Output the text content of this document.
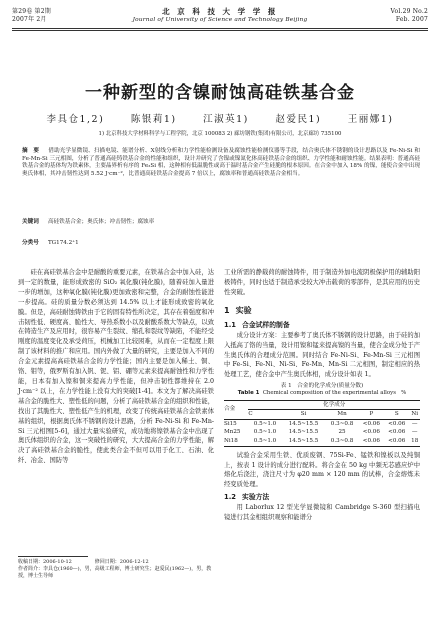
第29卷 第2期
2007年 2月
北 京 科 技 大 学 学 报
Journal of University of Science and Technology Beijing
Vol.29 No.2
Feb. 2007
一种新型的含镍耐蚀高硅铁基合金
李具仓1,2)	陈银莉1)	江淑英1)	赵爱民1)	王丽娜1)
1) 北京科技大学材料科学与工程学院，北京 100083 2) 廊坊钢铁(集团)有限公司，北京廊坊 735100
摘　要   借助光学显微镜、扫描电镜、能谱分析、X射线分析和力学性能检测设备及腐蚀性能检测仪器等手段，结合奥氏体不锈钢的设计思路以及 Fe-Ni-Si 和 Fe-Mn-Si 三元相图，分析了普通高硅铸铁基合金的性能和组织，设计并研究了含镍或镍氮化体高硅铁基合金的组织、力学性能和耐蚀性能。结果表明：普通高硅铁基合金的基体均为铁素体，主要晶界析有序的 Fe₃Si 相，这种相有低温脆性或高于温时基合金产生硅脆的根本原因。在合金中加入 18% 的镍，能使合金中出现奥氏体相，其冲击韧性达到 5.52 J·cm⁻²，比普通高硅铁基合金提高 7 倍以上，腐蚀率和普通高硅铁基合金相当。
关键词   高硅铁基合金；奥氏体；冲击韧性；腐蚀率
分类号   TG174.2⁺1

硅在高硅铁基合金中是耐酸的重要元素，在铁基合金中加入硅，达到一定的数量，能形成致密的 SiO₂ 氧化膜(钝化膜)，随着硅加入量进一步的增加，这种氧化膜(钝化膜)更加致密和完整，合金的耐蚀性能进一步提高。硅的质量分数必须达到 14.5% 以上才能形成致密的氧化膜。但是，高硅耐蚀铸铁由于它的固有特性所决定，其存在着强度和冲击韧性低、硬度高、脆性大、导热系数小以及耐酸系数大等缺点，以致在铸造生产及应用时，很容易产生裂纹、缩孔和裂纹等缺陷，不能经受刚度的温度变化及承受荷压，机械加工比较困难，从而在一定程度上限制了该材料的推广和应用。国内外做了大量的研究，主要是加入不同的合金元素提高高硅铁基合金的力学性能；国内主要是加入稀土、铜、铬、钼等，俄罗斯有加入钒、铌、铝、硼等元素来提高耐蚀性和力学性能，日本有加入镍和铜来提高力学性能，但冲击韧性都维持在 2.0 J·cm⁻² 以上，在力学性能上没有大的突破[1-4]。本文为了解决高硅铁基合金的脆性大、塑性低的问题，分析了高硅铁基合金的组织和性能，找出了其脆性大、塑性低产生的机理，改变了传统高硅铁基合金铁素体基的组织，根据奥氏体不锈钢的设计思路，分析 Fe-Ni-Si 和 Fe-Mn-Si 三元相图[5-6]，通过大量实验研究，成功地将镍铁基合金中出现了奥氏体组织的合金，这一突破性的研究，大大提高合金的力学性能，解决了高硅铁基合金的脆性，使此类合金不但可以用于化工、石油、化纤、冶金、国防等

收稿日期：2006-10-12	修回日期：2006-12-12
作者简介：李具仓(1960—)，男，高级工程师，博士研究生；赵爱民(1962—)，男，教授，博士生导师

工业所需的静载荷的耐蚀铸件，用于制造外加电流阴极保护用的辅助阳极铸件，同时也适于制造承受较大冲击载荷的零部件，是其应用的历史性突破。

1 实验
1.1 合金试样的制备

成分设计方案：主要参考了奥氏体不锈钢的设计思路，由于硅的加入抵高了铬的当量，设计用镍和锰来提高镍的当量，使合金成分处于产生奥氏体的合理成分范围。同时结合 Fe-Ni-Si、Fe-Mn-Si 三元相图中 Fe-Si、Fe-Ni、Ni-Si、Fe-Mn、Mn-Si 二元相图，制定相应的热处理工艺，使合金中产生奥氏体相，成分设计如表 1。

表 1　合金的化学成分(质量分数)
Table 1 Chemical composition of the experimental alloys %
合金	化学成分					
	C	Si	Mn	P	S	Ni
Si15	0.5~1.0	14.5~15.5	0.3~0.8	<0.06	<0.06	—
Mn25	0.5~1.0	14.5~15.5	25	<0.06	<0.06	—
Ni18	0.5~1.0	14.5~15.5	0.3~0.8	<0.06	<0.06	18

试验合金采用生铁、优质废钢、75Si-Fe、锰铁和镍板以及纯铜上，按表 1 设计的成分进行配料。将合金在 50 kg 中频无芯感应炉中熔化后浇注，浇注尺寸为 φ20 mm × 120 mm 的试棒，合金熔炼未经变质处理。

1.2 实验方法

用 Laborlux 12 型光学显微镜和 Cambridge S-360 型扫描电镜进行其金相组织观察和能谱分
